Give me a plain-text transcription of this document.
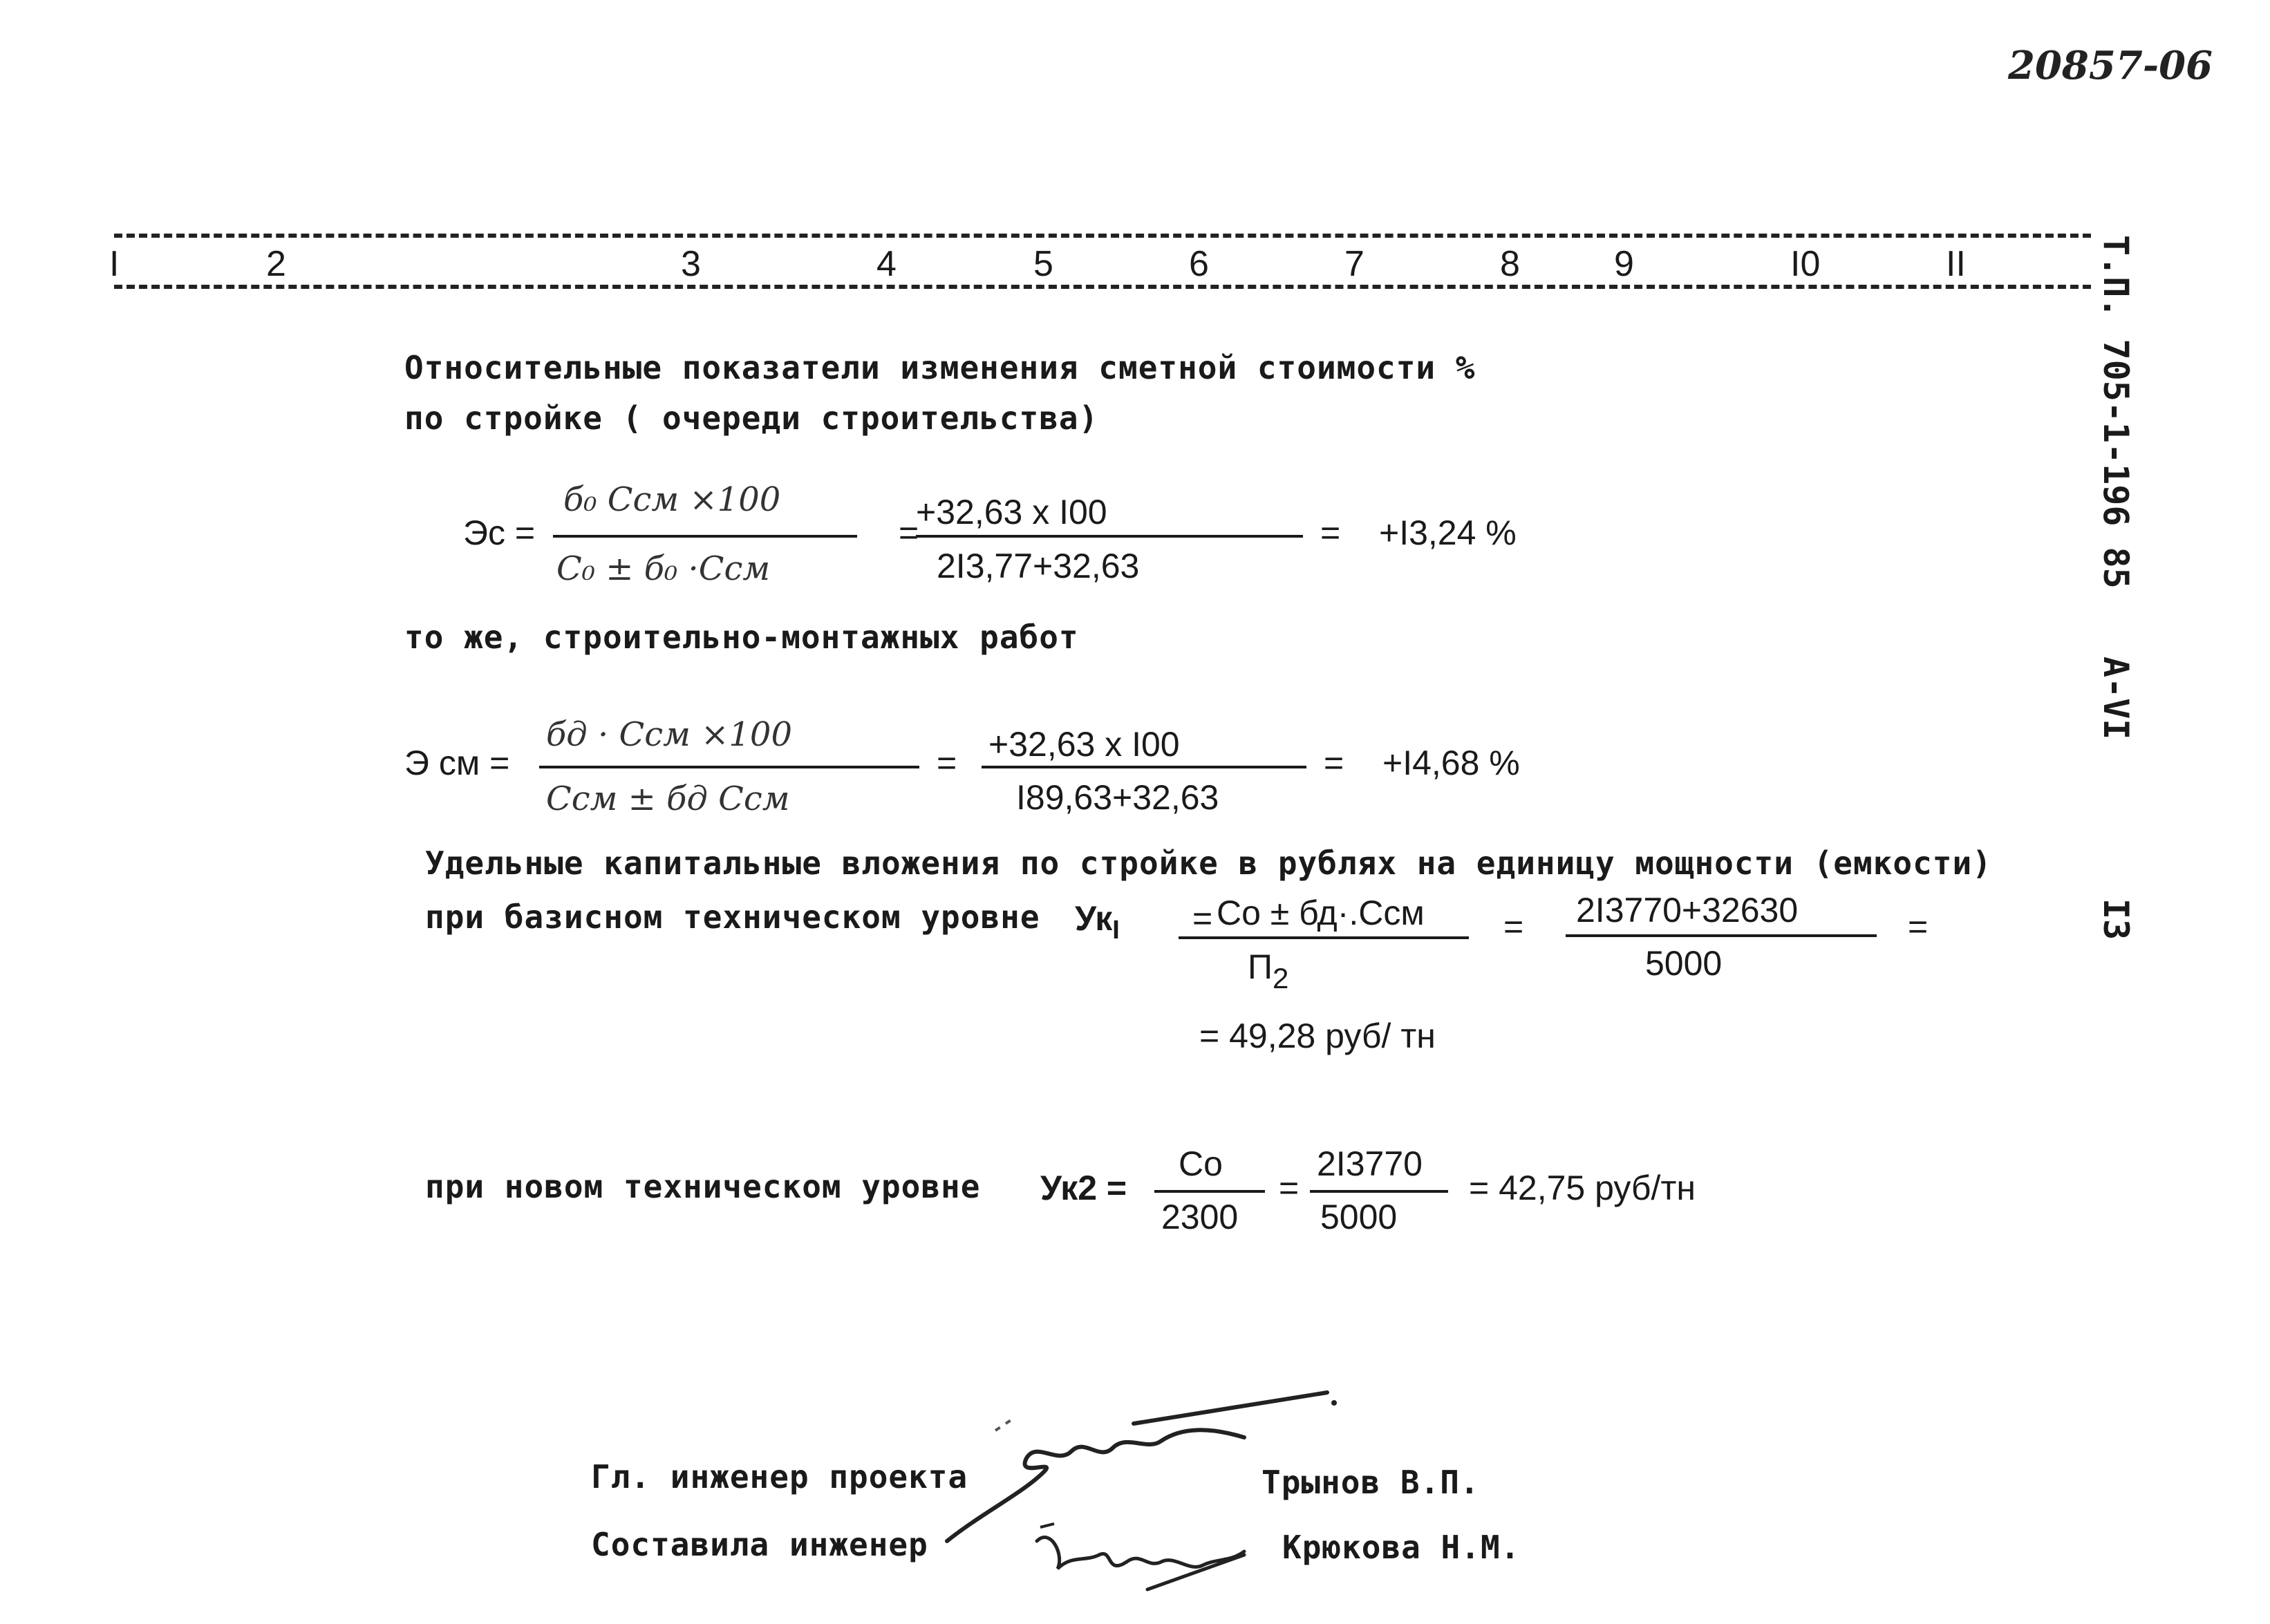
20857-06
I	2	3	4	5	6	7	8	9	I0	II	Т.П. 705-1-196 85
А-VI
I3
Относительные показатели изменения сметной стоимости %
по стройке ( очереди строительства)
Эс =
б₀ Cсм ×100
C₀ ± б₀ ·Cсм
=
+32,63 x I00
2I3,77+32,63
= +I3,24 %
то же, строительно-монтажных работ
Э см =
бд · Cсм ×100
Cсм ± бд Cсм
= +32,63 x I00
I89,63+32,63
= +I4,68 %
Удельные капитальные вложения по стройке в рублях на единицу мощности (емкости)
при базисном техническом уровне $Ук_I = Co \pm бд\cdot.Cсм$
$П_2$
= 2I3770+32630
5000
=
= 49,28 руб/ тн
при новом техническом уровне Ук2 =
Co
2300
=
2I3770
5000
= 42,75 руб/тн
Гл. инженер проекта	Трынов В.П.
Составила инженер	Крюкова Н.М.
